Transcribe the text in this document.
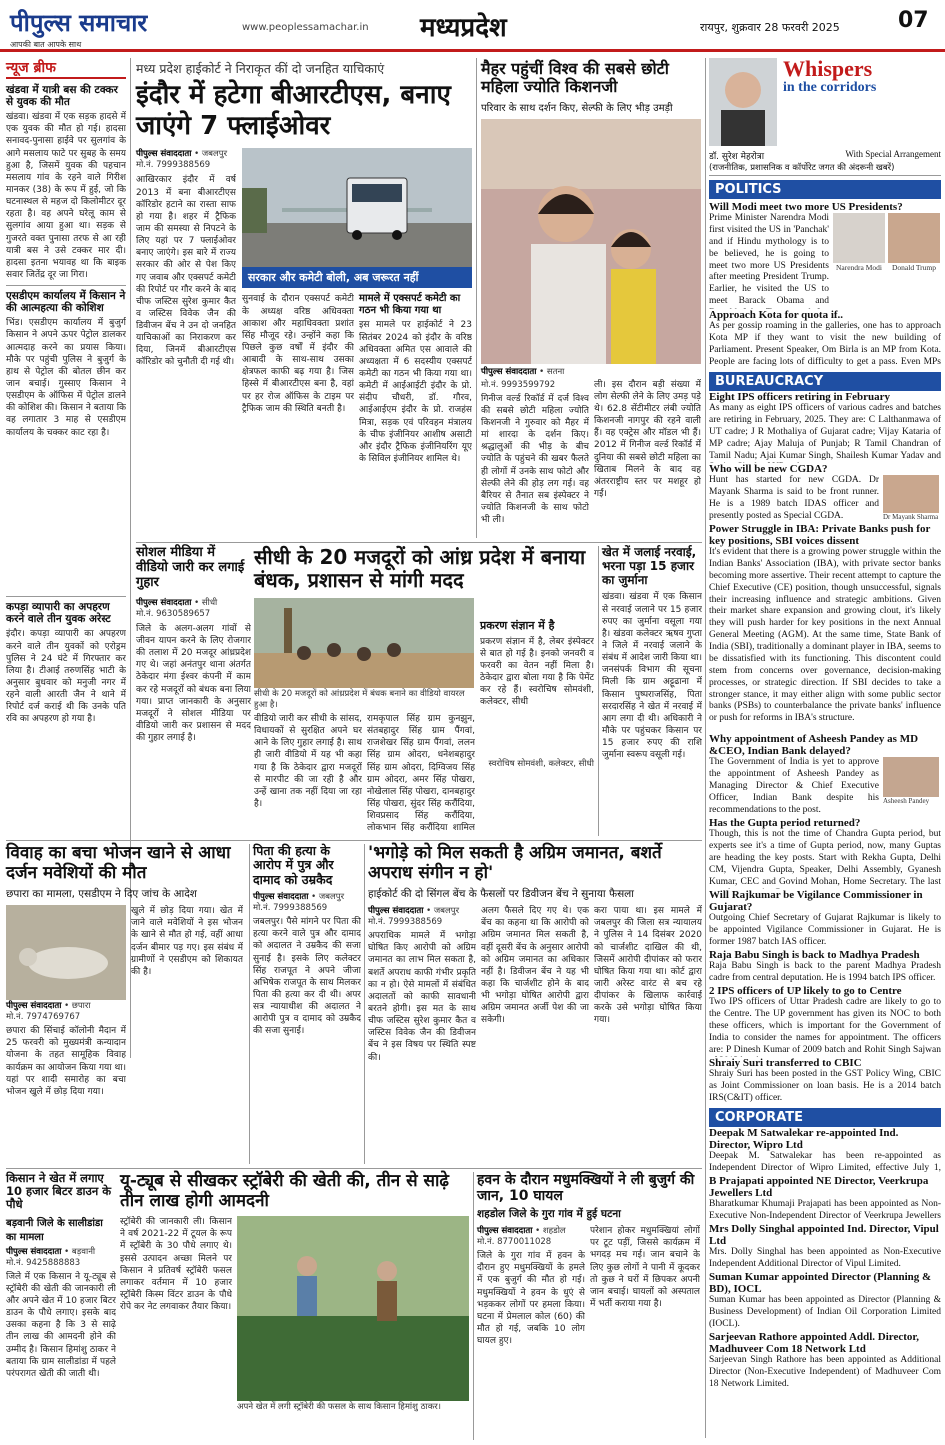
पीपुल्स समाचार
आपकी बात आपके साथ
www.peoplessamachar.in मध्यप्रदेश	रायपुर, शुक्रवार 28 फरवरी 2025	07
न्यूज ब्रीफ
खंडवा में यात्री बस की टक्कर से युवक की मौत
खंडवा। खंडवा में एक सड़क हादसे में एक युवक की मौत हो गई। हादसा सनावद-पुनासा हाईवे पर सुलगांव के आगे मसलाय फाटे पर सुबह के समय हुआ है, जिसमें युवक की पहचान मसलाय गांव के रहने वाले गिरीश मानकर (38) के रूप में हुई, जो कि घटनास्थल से महज दो किलोमीटर दूर रहता है। वह अपने घरेलू काम से सुलगांव आया हुआ था। सड़क से गुजरते वक्त पुनासा तरफ से आ रही यात्री बस ने उसे टक्कर मार दी। हादसा इतना भयावह था कि बाइक सवार जितेंद्र दूर जा गिरा।
एसडीएम कार्यालय में किसान ने की आत्महत्या की कोशिश
भिंड। एसडीएम कार्यालय में बुजुर्ग किसान ने अपने ऊपर पेट्रोल डालकर आत्मदाह करने का प्रयास किया। मौके पर पहुंची पुलिस ने बुजुर्ग के हाथ से पेट्रोल की बोतल छीन कर जान बचाई। गुस्साए किसान ने एसडीएम के ऑफिस में पेट्रोल डालने की कोशिश की। किसान ने बताया कि वह लगातार 3 माह से एसडीएम कार्यालय के चक्कर काट रहा है।
कपड़ा व्यापारी का अपहरण करने वाले तीन युवक अरेस्ट
इंदौर। कपड़ा व्यापारी का अपहरण करने वाले तीन युवकों को एरोड्रम पुलिस ने 24 घंटे में गिरफ्तार कर लिया है। टीआई तरुणसिंह भाटी के अनुसार बुधवार को मनुजी नगर में रहने वाली आरती जैन ने थाने में रिपोर्ट दर्ज कराई थी कि उनके पति रवि का अपहरण हो गया है।
मध्य प्रदेश हाईकोर्ट ने निराकृत कीं दो जनहित याचिकाएं
इंदौर में हटेगा बीआरटीएस, बनाए जाएंगे 7 फ्लाईओवर
पीपुल्स संवाददाता • जबलपुर
मो.नं. 7999388569
आखिरकार इंदौर में वर्ष 2013 में बना बीआरटीएस कॉरिडोर हटाने का रास्ता साफ हो गया है। शहर में ट्रैफिक जाम की समस्या से निपटने के लिए यहां पर 7 फ्लाईओवर बनाए जाएंगे। इस बारे में राज्य सरकार की ओर से पेश किए गए जवाब और एक्सपर्ट कमेटी की रिपोर्ट पर गौर करने के बाद चीफ जस्टिस सुरेश कुमार कैत व जस्टिस विवेक जैन की डिवीजन बेंच ने उन दो जनहित याचिकाओं का निराकरण कर दिया, जिनमें बीआरटीएस कॉरिडोर को चुनौती दी गई थी।
सरकार और कमेटी बोली, अब जरूरत नहीं
सुनवाई के दौरान एक्सपर्ट कमेटी के अध्यक्ष वरिष्ठ अधिवक्ता आकाश और महाधिवक्ता प्रशांत सिंह मौजूद रहे। उन्होंने कहा कि पिछले कुछ वर्षों में इंदौर की आबादी के साथ-साथ उसका क्षेत्रफल काफी बढ़ गया है। जिस हिस्से में बीआरटीएस बना है, वहां पर हर रोज ऑफिस के टाइम पर ट्रैफिक जाम की स्थिति बनती है।
मामले में एक्सपर्ट कमेटी का गठन भी किया गया था
इस मामले पर हाईकोर्ट ने 23 सितंबर 2024 को इंदौर के वरिष्ठ अधिवक्ता अमित एस आवाले की अध्यक्षता में 6 सदस्यीय एक्सपर्ट कमेटी का गठन भी किया गया था। कमेटी में आईआईटी इंदौर के प्रो. संदीप चौधरी, डॉ. गौरव, आईआईएम इंदौर के प्रो. राजहंस मित्रा, सड़क एवं परिवहन मंत्रालय के चीफ इंजीनियर आशीष असाटी और इंदौर ट्रैफिक इंजीनियरिंग यूए के सिविल इंजीनियर शामिल थे।
मैहर पहुंचीं विश्व की सबसे छोटी महिला ज्योति किशनजी
परिवार के साथ दर्शन किए, सेल्फी के लिए भीड़ उमड़ी
पीपुल्स संवाददाता • सतना
मो.नं. 9993599792
गिनीज वर्ल्ड रिकॉर्ड में दर्ज विश्व की सबसे छोटी महिला ज्योति किशनजी ने गुरुवार को मैहर में मां शारदा के दर्शन किए। श्रद्धालुओं की भीड़ के बीच ज्योति के पहुंचने की खबर फैलते ही लोगों में उनके साथ फोटो और सेल्फी लेने की होड़ लग गई। वह बैरियर से तैनात सब इंस्पेक्टर ने ज्योति किशनजी के साथ फोटो भी ली।
ली। इस दौरान बड़ी संख्या में लोग सेल्फी लेने के लिए उमड़ पड़े थे। 62.8 सेंटीमीटर लंबी ज्योति किशनजी नागपुर की रहने वाली हैं। वह एक्ट्रेस और मॉडल भी हैं। 2012 में गिनीज वर्ल्ड रिकॉर्ड में दुनिया की सबसे छोटी महिला का खिताब मिलने के बाद वह अंतरराष्ट्रीय स्तर पर मशहूर हो गईं।
Whispers
in the corridors
डॉ. सुरेश मेहरोत्रा	With Special Arrangement
(राजनीतिक, प्रशासनिक व कॉर्पोरेट जगत की अंदरूनी खबरें)
POLITICS
Will Modi meet two more US Presidents?
Prime Minister Narendra Modi first visited the US in 'Panchak' and if Hindu mythology is to be believed, he is going to meet two more US Presidents after meeting President Trump. Earlier, he visited the US to meet Barack Obama and
Narendra Modi	Donald Trump
Approach Kota for quota if..
As per gossip roaming in the galleries, one has to approach Kota MP if they want to visit the new building of Parliament. Present Speaker, Om Birla is an MP from Kota. People are facing lots of difficulty to get a pass. Even MPs
BUREAUCRACY
Eight IPS officers retiring in February
As many as eight IPS officers of various cadres and batches are retiring in February, 2025. They are: C Lalthanmawa of UT cadre; J R Mothaliya of Gujarat cadre; Vijay Kataria of MP cadre; Ajay Maluja of Punjab; R Tamil Chandran of Tamil Nadu; Ajai Kumar Singh, Shailesh Kumar Yadav and
Who will be new CGDA?
Hunt has started for new CGDA. Dr Mayank Sharma is said to be front runner. He is a 1989 batch IDAS officer and presently posted as Special CGDA.	Dr Mayank Sharma
Power Struggle in IBA: Private Banks push for key positions, SBI voices dissent
It's evident that there is a growing power struggle within the Indian Banks' Association (IBA), with private sector banks becoming more assertive. Their recent attempt to capture the Chief Executive (CE) position, though unsuccessful, signals their increasing influence and strategic ambitions. Given their market share expansion and growing clout, it's likely they will push harder for key positions in the next Annual General Meeting (AGM). At the same time, State Bank of India (SBI), traditionally a dominant player in IBA, seems to be dissatisfied with its functioning. This discontent could stem from concerns over governance, decision-making processes, or strategic direction. If SBI decides to take a stronger stance, it may either align with some public sector banks (PSBs) to counterbalance the private banks' influence or push for reforms in IBA's structure.
Why appointment of Asheesh Pandey as MD &CEO, Indian Bank delayed?
The Government of India is yet to approve the appointment of Asheesh Pandey as Managing Director & Chief Executive Officer, Indian Bank despite his recommendations to the post.
Asheesh Pandey
Has the Gupta period returned?
Though, this is not the time of Chandra Gupta period, but experts see it's a time of Gupta period, now, many Guptas are heading the key posts. Start with Rekha Gupta, Delhi CM, Vijendra Gupta, Speaker, Delhi Assembly, Gyanesh Kumar, CEC and Govind Mohan, Home Secretary. The last
Will Rajkumar be Vigilance Commissioner in Gujarat?
Outgoing Chief Secretary of Gujarat Rajkumar is likely to be appointed Vigilance Commissioner in Gujarat. He is former 1987 batch IAS officer.
Raja Babu Singh is back to Madhya Pradesh
Raja Babu Singh is back to the parent Madhya Pradesh cadre from central deputation. He is 1994 batch IPS officer.
2 IPS officers of UP likely to go to Centre
Two IPS officers of Uttar Pradesh cadre are likely to go to the Centre. The UP government has given its NOC to both these officers, which is important for the Government of India to consider the names for appointment. The officers are: P Dinesh Kumar of 2009 batch and Rohit Singh Sajwan
Shraiy Suri transferred to CBIC
Shraiy Suri has been posted in the GST Policy Wing, CBIC as Joint Commissioner on loan basis. He is a 2014 batch IRS(C&IT) officer.
CORPORATE
Deepak M Satwalekar re-appointed Ind. Director, Wipro Ltd
Deepak M. Satwalekar has been re-appointed as Independent Director of Wipro Limited, effective July 1,
B Prajapati appointed NE Director, Veerkrupa Jewellers Ltd
Bharatkumar Khumaji Prajapati has been appointed as Non-Executive Non-Independent Director of Veerkrupa Jewellers
Mrs Dolly Singhal appointed Ind. Director, Vipul Ltd
Mrs. Dolly Singhal has been appointed as Non-Executive Independent Additional Director of Vipul Limited.
Suman Kumar appointed Director (Planning & BD), IOCL
Suman Kumar has been appointed as Director (Planning & Business Development) of Indian Oil Corporation Limited (IOCL).
Sarjeevan Rathore appointed Addl. Director, Madhuveer Com 18 Network Ltd
Sarjeevan Singh Rathore has been appointed as Additional Director (Non-Executive Independent) of Madhuveer Com 18 Network Limited.
सोशल मीडिया में वीडियो जारी कर लगाई गुहार
पीपुल्स संवाददाता • सीधी
मो.नं. 9630589657
जिले के अलग-अलग गांवों से जीवन यापन करने के लिए रोजगार की तलाश में 20 मजदूर आंध्रप्रदेश गए थे। जहां अनंतपुर थाना अंतर्गत ठेकेदार मंगा ईश्वर कंपनी में काम कर रहे मजदूरों को बंधक बना लिया गया। प्राप्त जानकारी के अनुसार मजदूरों ने सोशल मीडिया पर वीडियो जारी कर प्रशासन से मदद की गुहार लगाई है।
सीधी के 20 मजदूरों को आंध्र प्रदेश में बनाया बंधक, प्रशासन से मांगी मदद
सीधी के 20 मजदूरों को आंध्रप्रदेश में बंधक बनाने का वीडियो वायरल हुआ है।
वीडियो जारी कर सीधी के सांसद, विधायकों से सुरक्षित अपने घर आने के लिए गुहार लगाई है। साथ ही जारी वीडियो में यह भी कहा गया है कि ठेकेदार द्वारा मजदूरों से मारपीट की जा रही है और उन्हें खाना तक नहीं दिया जा रहा है।
रामकृपाल सिंह ग्राम कुनझुन, संतबहादुर सिंह ग्राम पैंगवां, राजशेखर सिंह ग्राम पैंगवां, ललन सिंह ग्राम ओदरा, धनेशबहादुर सिंह ग्राम ओदरा, दिग्विजय सिंह ग्राम ओदरा, अमर सिंह पोखरा, नोखेलाल सिंह पोखरा, दानबहादुर सिंह पोखरा, सुंदर सिंह करौंदिया, शिवप्रसाद सिंह करौंदिया, लोकभान सिंह करौंदिया शामिल
प्रकरण संज्ञान में है
प्रकरण संज्ञान में है, लेबर इंस्पेक्टर से बात हो गई है। इनको जनवरी व फरवरी का वेतन नहीं मिला है। ठेकेदार द्वारा बोला गया है कि पेमेंट कर रहे हैं। स्वरोचिष सोमवंशी, कलेक्टर, सीधी
स्वरोचिष सोमवंशी, कलेक्टर, सीधी
खेत में जलाई नरवाई, भरना पड़ा 15 हजार का जुर्माना
खंडवा। खंडवा में एक किसान से नरवाई जलाने पर 15 हजार रुपए का जुर्माना वसूला गया है। खंडवा कलेक्टर ऋषव गुप्ता ने जिले में नरवाई जलाने के संबंध में आदेश जारी किया था। जनसंपर्क विभाग की सूचना मिली कि ग्राम अट्टूढाना में किसान पुष्पराजसिंह, पिता सरदारसिंह ने खेत में नरवाई में आग लगा दी थी। अधिकारी ने मौके पर पहुंचकर किसान पर 15 हजार रुपए की राशि जुर्माना स्वरूप वसूली गई।
विवाह का बचा भोजन खाने से आधा दर्जन मवेशियों की मौत
छपारा का मामला, एसडीएम ने दिए जांच के आदेश
पीपुल्स संवाददाता • छपारा
मो.नं. 7974769767
छपारा की सिंचाई कॉलोनी मैदान में 25 फरवरी को मुख्यमंत्री कन्यादान योजना के तहत सामूहिक विवाह कार्यक्रम का आयोजन किया गया था। यहां पर शादी समारोह का बचा भोजन खुले में छोड़ दिया गया।
खुले में छोड़ दिया गया। खेत में जाने वाले मवेशियों ने इस भोजन के खाने से मौत हो गई, वहीं आधा दर्जन बीमार पड़ गए। इस संबंध में ग्रामीणों ने एसडीएम को शिकायत की है।
पिता की हत्या के आरोप में पुत्र और दामाद को उम्रकैद
पीपुल्स संवाददाता • जबलपुर
मो.नं. 7999388569
जबलपुर। पैसे मांगने पर पिता की हत्या करने वाले पुत्र और दामाद को अदालत ने उम्रकैद की सजा सुनाई है। इसके लिए कलेक्टर सिंह राजपूत ने अपने जीजा अभिषेक राजपूत के साथ मिलकर पिता की हत्या कर दी थी। अपर सत्र न्यायाधीश की अदालत ने आरोपी पुत्र व दामाद को उम्रकैद की सजा सुनाई।
'भगोड़े को मिल सकती है अग्रिम जमानत, बशर्ते अपराध संगीन न हो'
हाईकोर्ट की दो सिंगल बेंच के फैसलों पर डिवीजन बेंच ने सुनाया फैसला
पीपुल्स संवाददाता • जबलपुर
मो.नं. 7999388569
अपराधिक मामले में भगोड़ा घोषित किए आरोपी को अग्रिम जमानत का लाभ मिल सकता है, बशर्ते अपराध काफी गंभीर प्रकृति का न हो। ऐसे मामलों में संबंधित अदालतों को काफी सावधानी बरतने होगी। इस मत के साथ चीफ जस्टिस सुरेश कुमार कैत व जस्टिस विवेक जैन की डिवीजन बेंच ने इस विषय पर स्थिति स्पष्ट की।
अलग फैसले दिए गए थे। एक बेंच का कहना था कि आरोपी को अग्रिम जमानत मिल सकती है, वहीं दूसरी बेंच के अनुसार आरोपी को अग्रिम जमानत का अधिकार नहीं है। डिवीजन बेंच ने यह भी कहा कि चार्जशीट होने के बाद भी भगोड़ा घोषित आरोपी द्वारा अग्रिम जमानत अर्जी पेश की जा सकेगी।
करा पाया था। इस मामले में जबलपुर की जिला सत्र न्यायालय ने पुलिस ने 14 दिसंबर 2020 को चार्जशीट दाखिल की थी, जिसमें आरोपी दीपांकर को फरार घोषित किया गया था। कोर्ट द्वारा जारी अरेस्ट वारंट से बच रहे दीपांकर के खिलाफ कार्रवाई करके उसे भगोड़ा घोषित किया गया।
किसान ने खेत में लगाए 10 हजार बिटर डाउन के पौधे
बड़वानी जिले के सालीडांडा का मामला
पीपुल्स संवाददाता • बड़वानी
मो.नं. 9425888883
जिले में एक किसान ने यू-ट्यूब से स्ट्रॉबेरी की खेती की जानकारी ली और अपने खेत में 10 हजार बिटर डाउन के पौधे लगाए। इसके बाद उसका कहना है कि 3 से साढ़े तीन लाख की आमदनी होने की उम्मीद है। किसान हिमांशु ठाकर ने बताया कि ग्राम सालीडांडा में पहले परंपरागत खेती की जाती थी।
यू-ट्यूब से सीखकर स्ट्रॉबेरी की खेती की, तीन से साढ़े तीन लाख होगी आमदनी
स्ट्रॉबेरी की जानकारी ली। किसान ने वर्ष 2021-22 में टूयल के रूप में स्ट्रॉबेरी के 30 पौधे लगाए थे। इससे उत्पादन अच्छा मिलने पर किसान ने प्रतिवर्ष स्ट्रॉबेरी फसल लगाकर वर्तमान में 10 हजार स्ट्रॉबेरी किस्म विंटर डाउन के पौधे रोपे कर नेट लगवाकर तैयार किया।
अपने खेत में लगी स्ट्रॉबेरी की फसल के साथ किसान हिमांशु ठाकर।
हवन के दौरान मधुमक्खियों ने ली बुजुर्ग की जान, 10 घायल
शहडोल जिले के गुरा गांव में हुई घटना
पीपुल्स संवाददाता • शहडोल
मो.नं. 8770011028
जिले के गुरा गांव में हवन के दौरान हुए मधुमक्खियों के हमले में एक बुजुर्ग की मौत हो गई। मधुमक्खियों ने हवन के धुएं से भड़ककर लोगों पर हमला किया। घटना में प्रेमलाल कोल (60) की मौत हो गई, जबकि 10 लोग घायल हुए।
परेशान होकर मधुमक्खियां लोगों पर टूट पड़ीं, जिससे कार्यक्रम में भगदड़ मच गई। जान बचाने के लिए कुछ लोगों ने पानी में कूदकर तो कुछ ने घरों में छिपकर अपनी जान बचाई। घायलों को अस्पताल में भर्ती कराया गया है।
